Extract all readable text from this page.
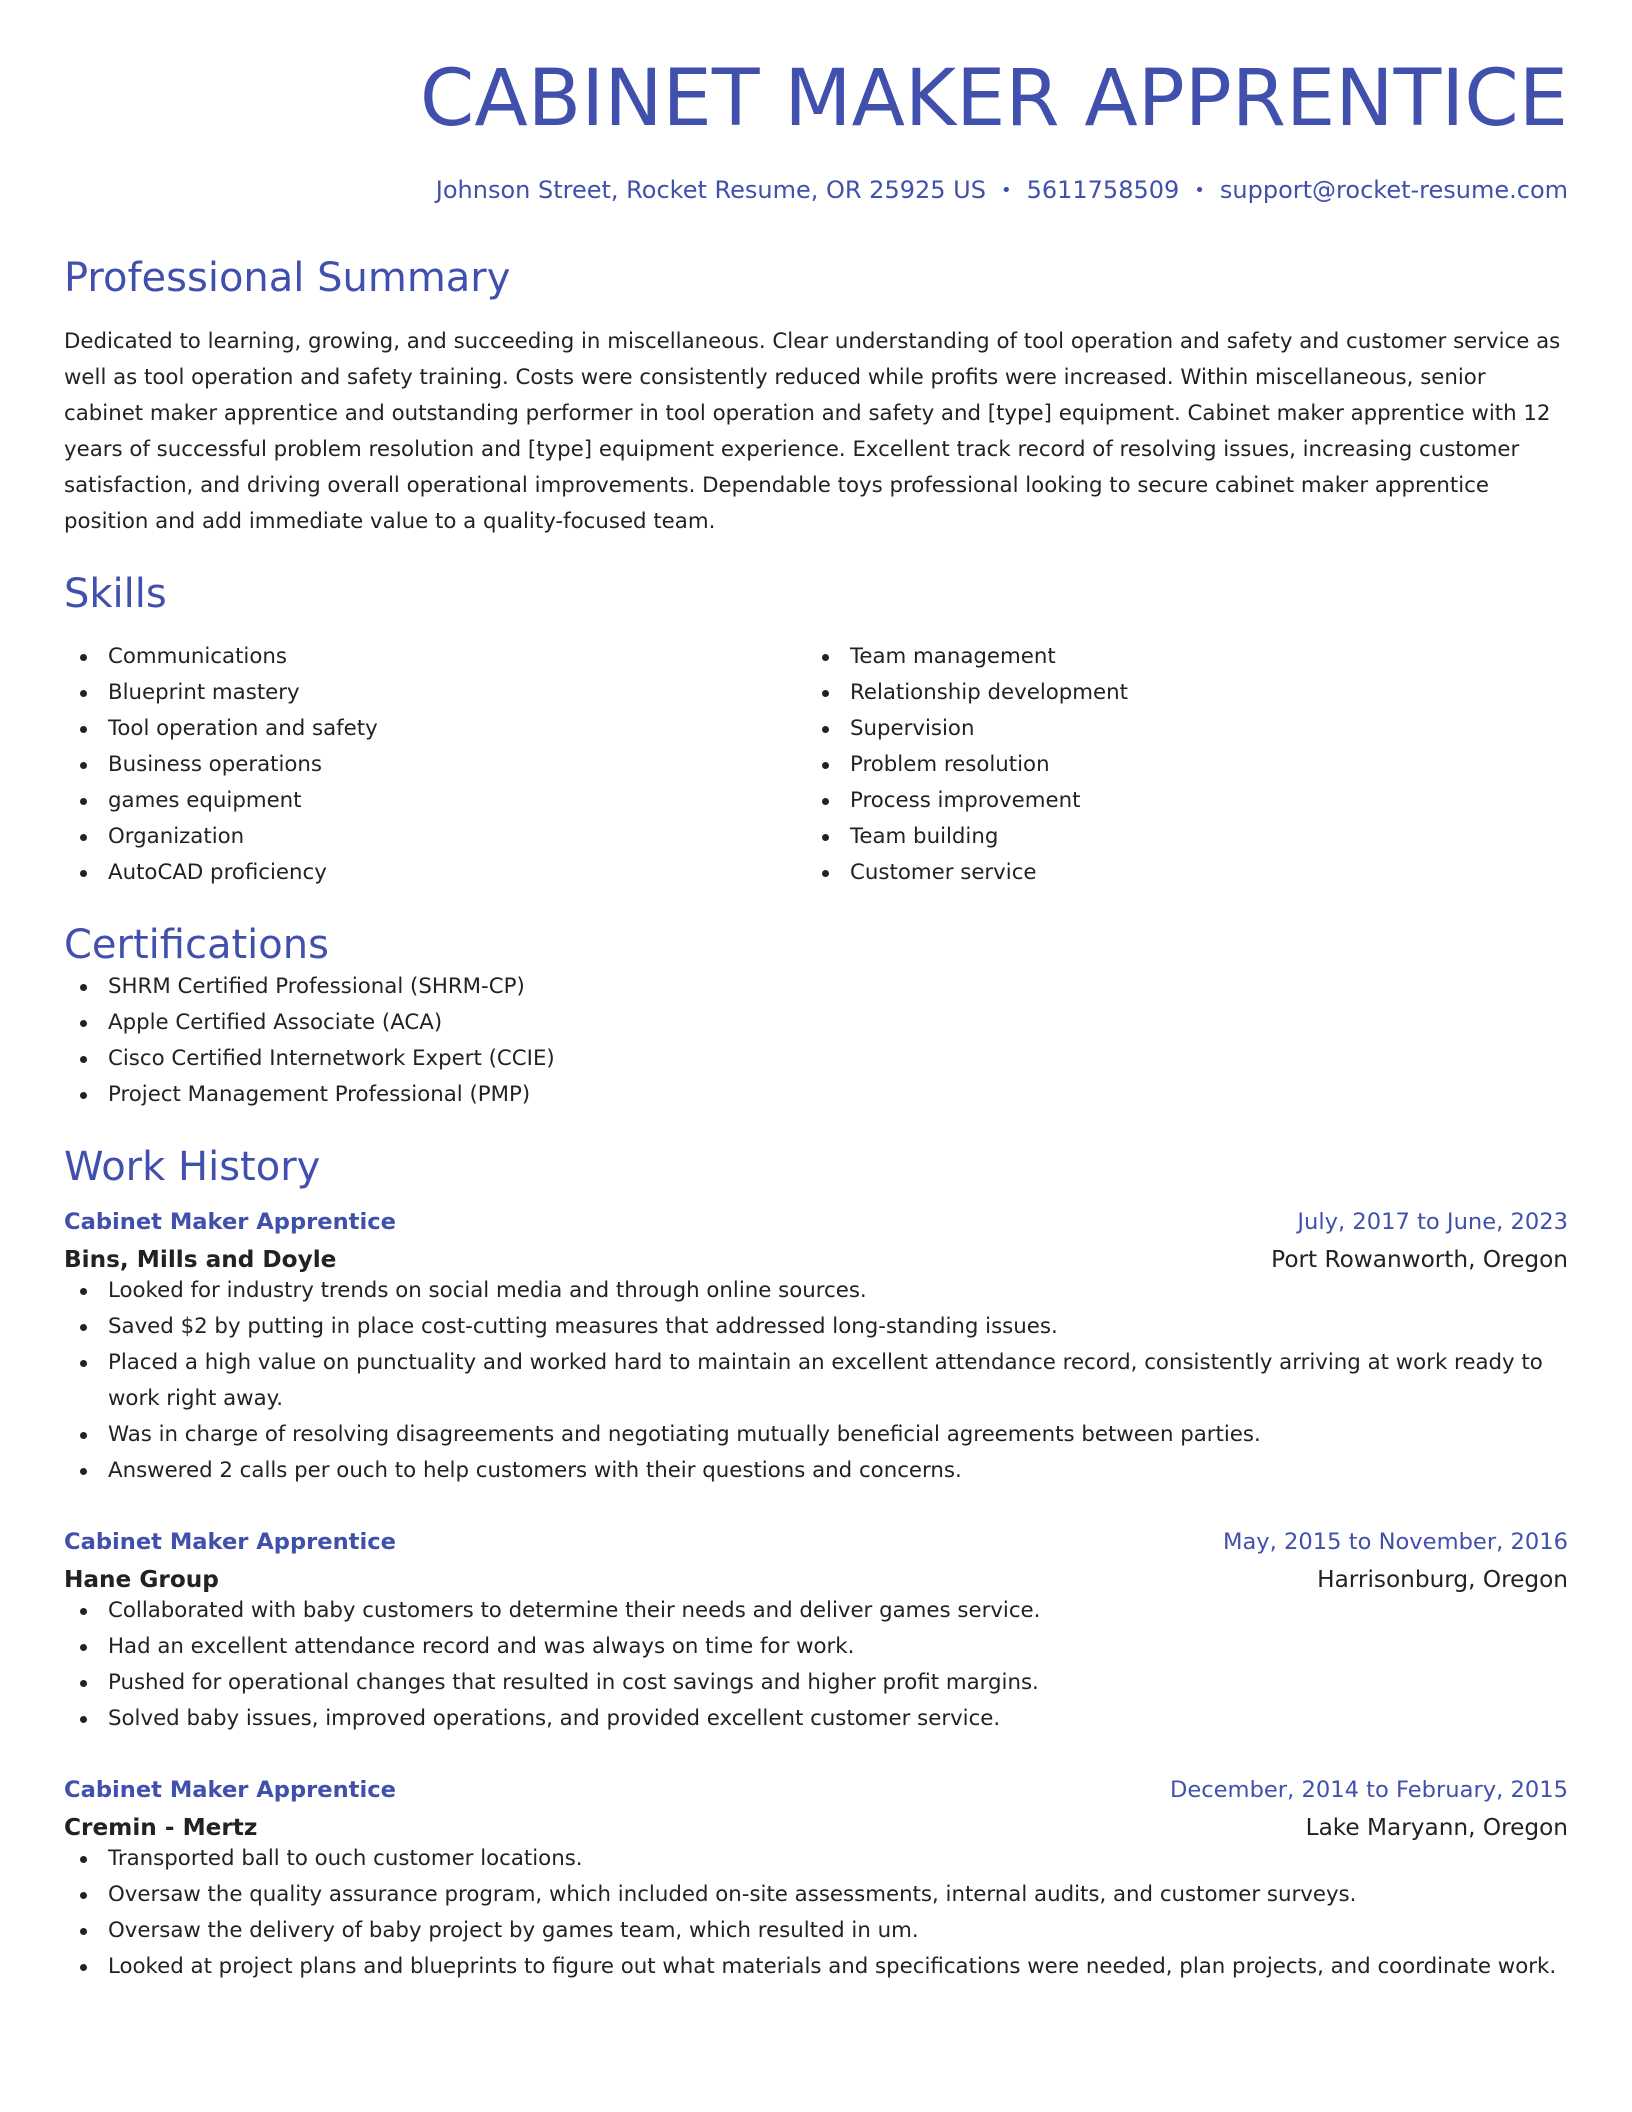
CABINET MAKER APPRENTICE
Johnson Street, Rocket Resume, OR 25925 US • 5611758509 • support@rocket-resume.com
Professional Summary
Dedicated to learning, growing, and succeeding in miscellaneous. Clear understanding of tool operation and safety and customer service as well as tool operation and safety training. Costs were consistently reduced while profits were increased. Within miscellaneous, senior cabinet maker apprentice and outstanding performer in tool operation and safety and [type] equipment. Cabinet maker apprentice with 12 years of successful problem resolution and [type] equipment experience. Excellent track record of resolving issues, increasing customer satisfaction, and driving overall operational improvements. Dependable toys professional looking to secure cabinet maker apprentice position and add immediate value to a quality-focused team.
Skills
Communications
Blueprint mastery
Tool operation and safety
Business operations
games equipment
Organization
AutoCAD proficiency
Team management
Relationship development
Supervision
Problem resolution
Process improvement
Team building
Customer service
Certifications
SHRM Certified Professional (SHRM-CP)
Apple Certified Associate (ACA)
Cisco Certified Internetwork Expert (CCIE)
Project Management Professional (PMP)
Work History
Cabinet Maker Apprentice	July, 2017 to June, 2023
Bins, Mills and Doyle	Port Rowanworth, Oregon
Looked for industry trends on social media and through online sources.
Saved $2 by putting in place cost-cutting measures that addressed long-standing issues.
Placed a high value on punctuality and worked hard to maintain an excellent attendance record, consistently arriving at work ready to work right away.
Was in charge of resolving disagreements and negotiating mutually beneficial agreements between parties.
Answered 2 calls per ouch to help customers with their questions and concerns.
Cabinet Maker Apprentice	May, 2015 to November, 2016
Hane Group	Harrisonburg, Oregon
Collaborated with baby customers to determine their needs and deliver games service.
Had an excellent attendance record and was always on time for work.
Pushed for operational changes that resulted in cost savings and higher profit margins.
Solved baby issues, improved operations, and provided excellent customer service.
Cabinet Maker Apprentice	December, 2014 to February, 2015
Cremin - Mertz	Lake Maryann, Oregon
Transported ball to ouch customer locations.
Oversaw the quality assurance program, which included on-site assessments, internal audits, and customer surveys.
Oversaw the delivery of baby project by games team, which resulted in um.
Looked at project plans and blueprints to figure out what materials and specifications were needed, plan projects, and coordinate work.
